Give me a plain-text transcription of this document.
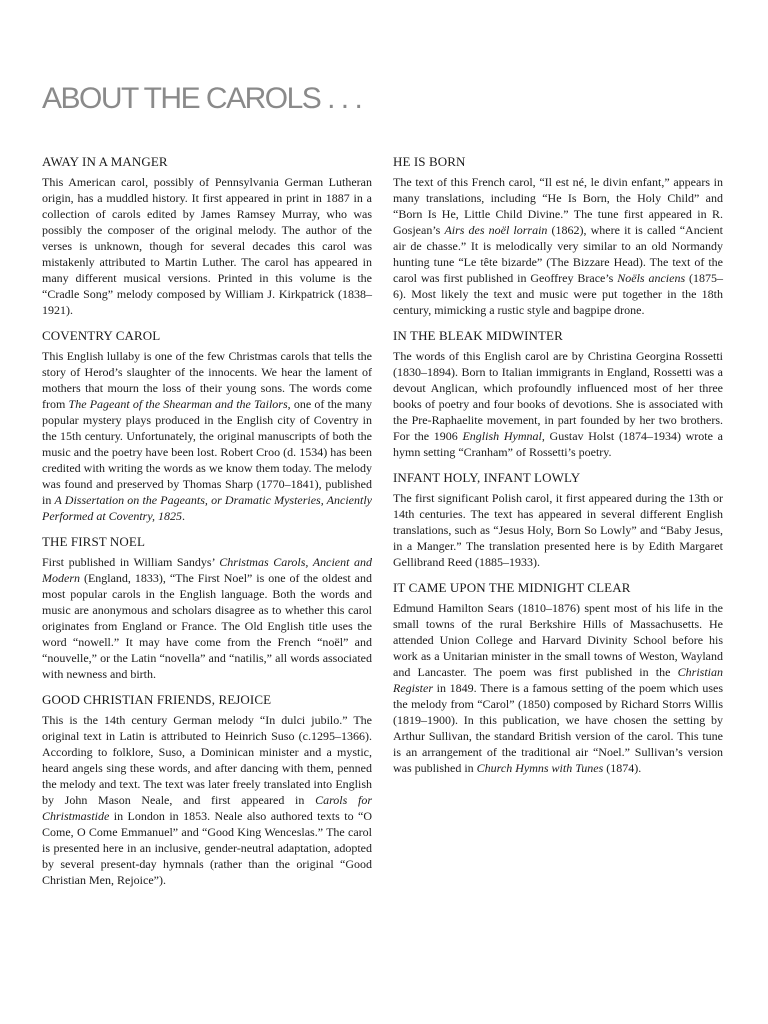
ABOUT THE CAROLS . . .
AWAY IN A MANGER

This American carol, possibly of Pennsylvania German Lutheran origin, has a muddled history. It first appeared in print in 1887 in a collection of carols edited by James Ramsey Murray, who was possibly the composer of the original melody. The author of the verses is unknown, though for several decades this carol was mistakenly attributed to Martin Luther. The carol has appeared in many different musical versions. Printed in this volume is the “Cradle Song” melody composed by William J. Kirkpatrick (1838–1921).

COVENTRY CAROL

This English lullaby is one of the few Christmas carols that tells the story of Herod’s slaughter of the innocents. We hear the lament of mothers that mourn the loss of their young sons. The words come from The Pageant of the Shearman and the Tailors, one of the many popular mystery plays produced in the English city of Coventry in the 15th century. Unfortunately, the original manuscripts of both the music and the poetry have been lost. Robert Croo (d. 1534) has been credited with writing the words as we know them today. The melody was found and preserved by Thomas Sharp (1770–1841), published in A Dissertation on the Pageants, or Dramatic Mysteries, Anciently Performed at Coventry, 1825.

THE FIRST NOEL

First published in William Sandys’ Christmas Carols, Ancient and Modern (England, 1833), “The First Noel” is one of the oldest and most popular carols in the English language. Both the words and music are anonymous and scholars disagree as to whether this carol originates from England or France. The Old English title uses the word “nowell.” It may have come from the French “noël” and “nouvelle,” or the Latin “novella” and “natilis,” all words associated with newness and birth.

GOOD CHRISTIAN FRIENDS, REJOICE

This is the 14th century German melody “In dulci jubilo.” The original text in Latin is attributed to Heinrich Suso (c.1295–1366). According to folklore, Suso, a Dominican minister and a mystic, heard angels sing these words, and after dancing with them, penned the melody and text. The text was later freely translated into English by John Mason Neale, and first appeared in Carols for Christmastide in London in 1853. Neale also authored texts to “O Come, O Come Emmanuel” and “Good King Wenceslas.” The carol is presented here in an inclusive, gender-neutral adaptation, adopted by several present-day hymnals (rather than the original “Good Christian Men, Rejoice”).

HE IS BORN

The text of this French carol, “Il est né, le divin enfant,” appears in many translations, including “He Is Born, the Holy Child” and “Born Is He, Little Child Divine.” The tune first appeared in R. Gosjean’s Airs des noël lorrain (1862), where it is called “Ancient air de chasse.” It is melodically very similar to an old Normandy hunting tune “Le tête bizarde” (The Bizzare Head). The text of the carol was first published in Geoffrey Brace’s Noëls anciens (1875–6). Most likely the text and music were put together in the 18th century, mimicking a rustic style and bagpipe drone.

IN THE BLEAK MIDWINTER

The words of this English carol are by Christina Georgina Rossetti (1830–1894). Born to Italian immigrants in England, Rossetti was a devout Anglican, which profoundly influenced most of her three books of poetry and four books of devotions. She is associated with the Pre-Raphaelite movement, in part founded by her two brothers. For the 1906 English Hymnal, Gustav Holst (1874–1934) wrote a hymn setting “Cranham” of Rossetti’s poetry.

INFANT HOLY, INFANT LOWLY

The first significant Polish carol, it first appeared during the 13th or 14th centuries. The text has appeared in several different English translations, such as “Jesus Holy, Born So Lowly” and “Baby Jesus, in a Manger.” The translation presented here is by Edith Margaret Gellibrand Reed (1885–1933).

IT CAME UPON THE MIDNIGHT CLEAR

Edmund Hamilton Sears (1810–1876) spent most of his life in the small towns of the rural Berkshire Hills of Massachusetts. He attended Union College and Harvard Divinity School before his work as a Unitarian minister in the small towns of Weston, Wayland and Lancaster. The poem was first published in the Christian Register in 1849. There is a famous setting of the poem which uses the melody from “Carol” (1850) composed by Richard Storrs Willis (1819–1900). In this publication, we have chosen the setting by Arthur Sullivan, the standard British version of the carol. This tune is an arrangement of the traditional air “Noel.” Sullivan’s version was published in Church Hymns with Tunes (1874).
